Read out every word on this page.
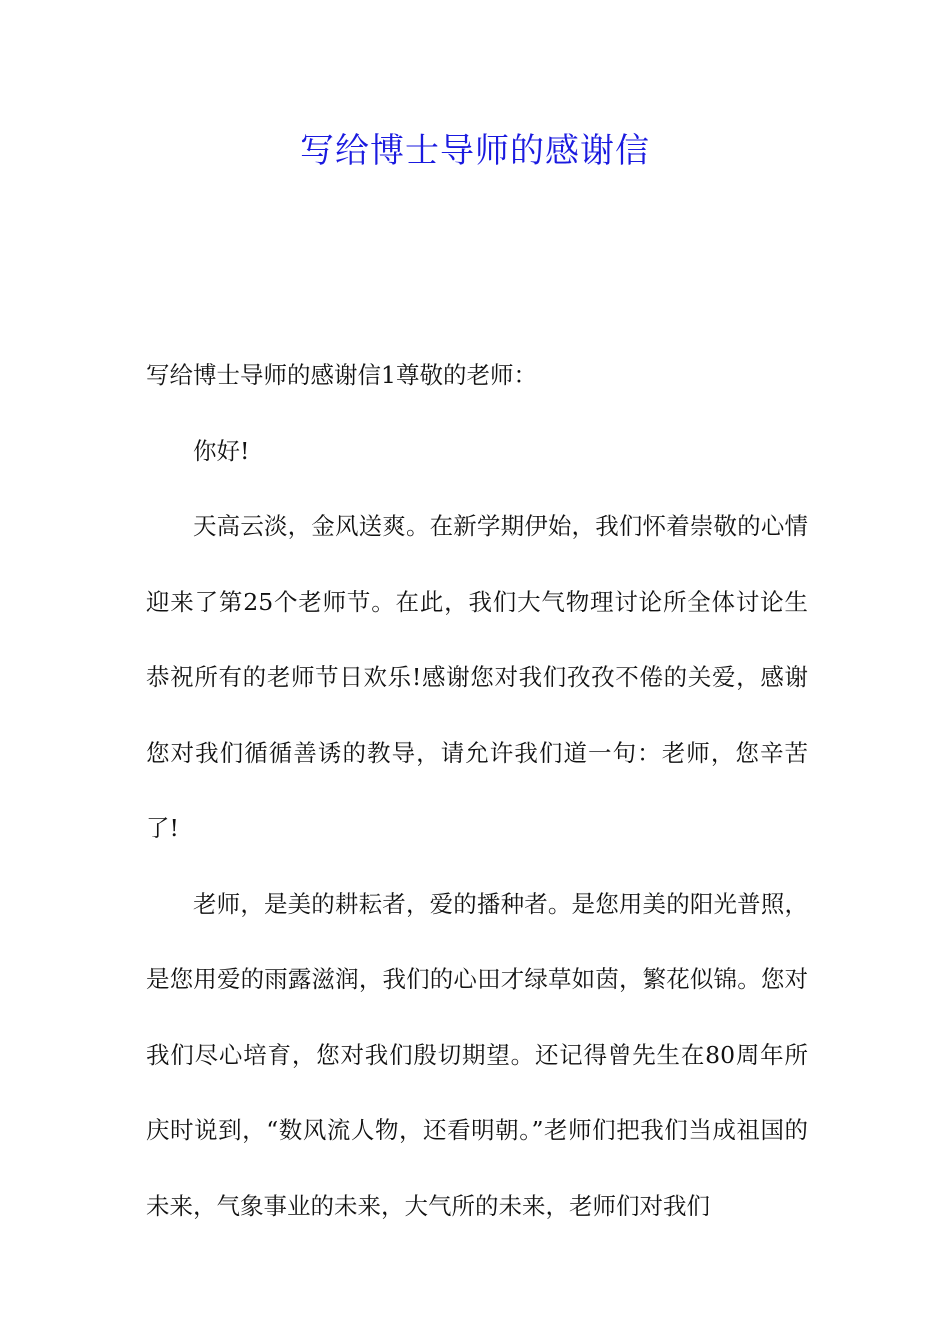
写给博士导师的感谢信

写给博士导师的感谢信1尊敬的老师：

你好!

天高云淡，金风送爽。在新学期伊始，我们怀着崇敬的心情迎来了第25个老师节。在此，我们大气物理讨论所全体讨论生恭祝所有的老师节日欢乐!感谢您对我们孜孜不倦的关爱，感谢您对我们循循善诱的教导，请允许我们道一句：老师，您辛苦了!

老师，是美的耕耘者，爱的播种者。是您用美的阳光普照，是您用爱的雨露滋润，我们的心田才绿草如茵，繁花似锦。您对我们尽心培育，您对我们殷切期望。还记得曾先生在80周年所庆时说到，“数风流人物，还看明朝。”老师们把我们当成祖国的未来，气象事业的未来，大气所的未来，老师们对我们
